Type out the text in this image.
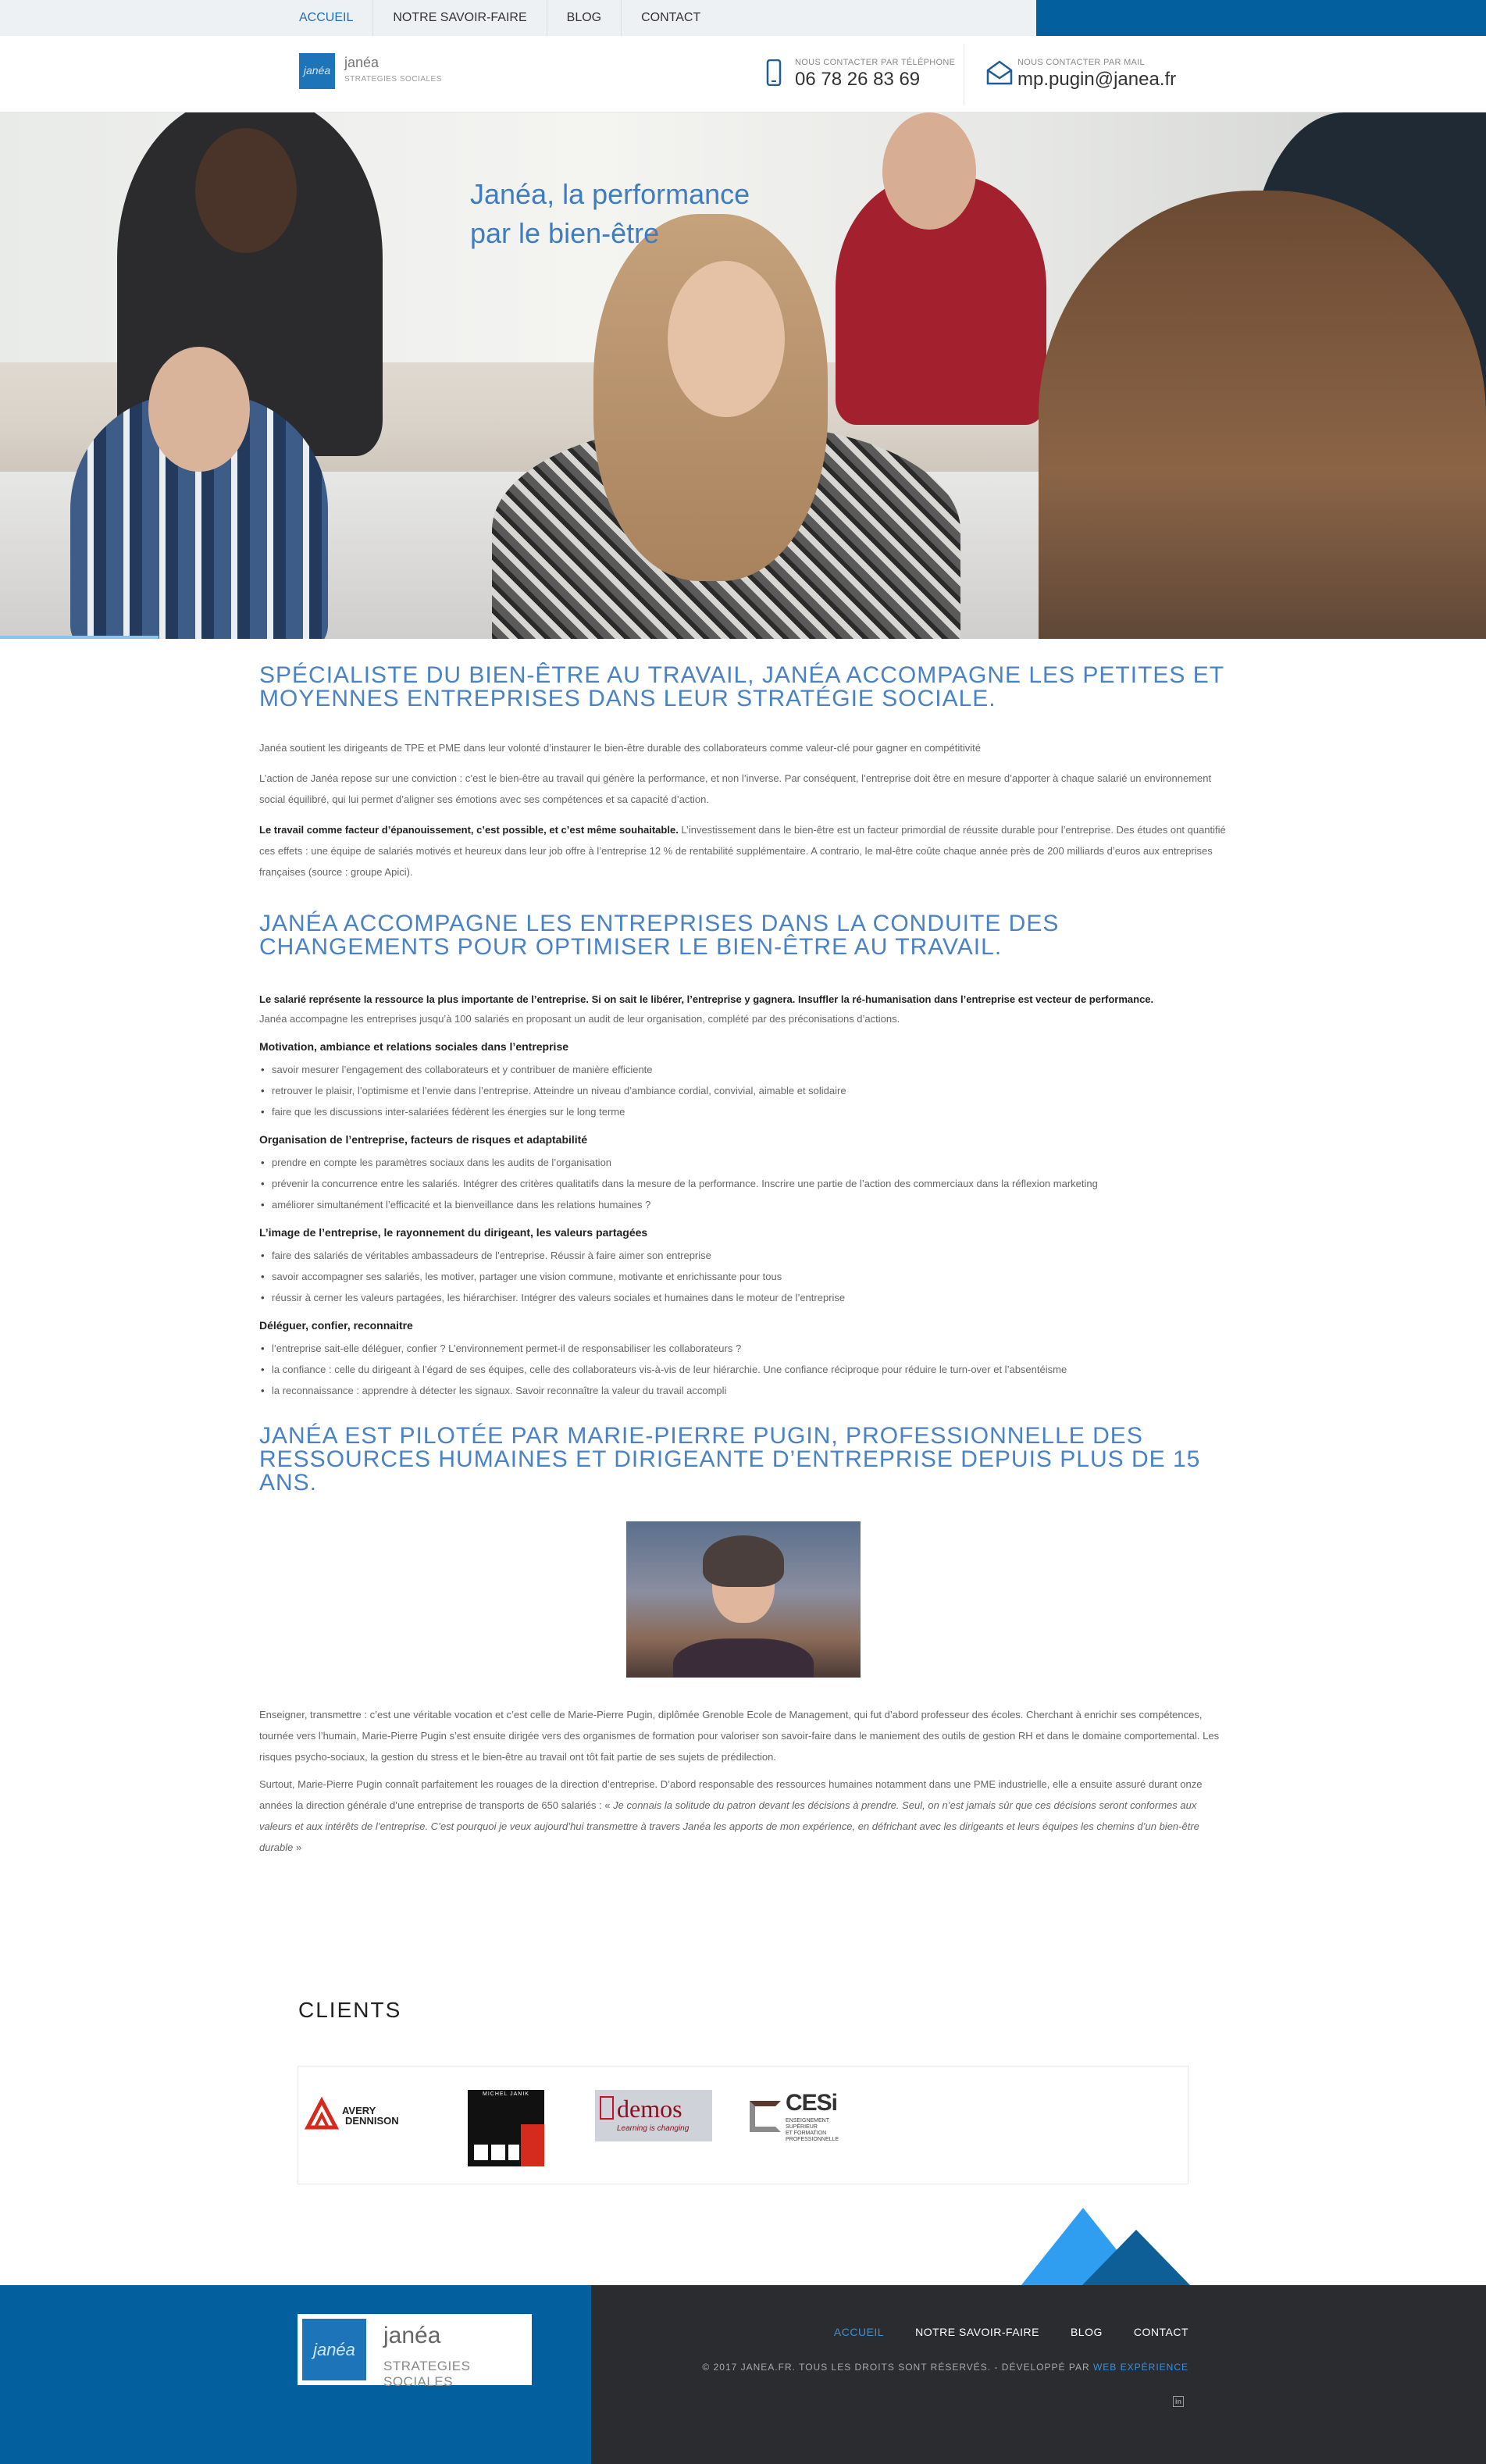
ACCUEIL	NOTRE SAVOIR-FAIRE	BLOG	CONTACT
janéa janéa
STRATEGIES SOCIALES
NOUS CONTACTER PAR TÉLÉPHONE
06 78 26 83 69
NOUS CONTACTER PAR MAIL
mp.pugin@janea.fr
Janéa, la performance
par le bien-être
SPÉCIALISTE DU BIEN-ÊTRE AU TRAVAIL, JANÉA ACCOMPAGNE LES PETITES ET MOYENNES ENTREPRISES DANS LEUR STRATÉGIE SOCIALE.

Janéa soutient les dirigeants de TPE et PME dans leur volonté d’instaurer le bien-être durable des collaborateurs comme valeur-clé pour gagner en compétitivité

L’action de Janéa repose sur une conviction : c’est le bien-être au travail qui génère la performance, et non l’inverse. Par conséquent, l’entreprise doit être en mesure d’apporter à chaque salarié un environnement social équilibré, qui lui permet d’aligner ses émotions avec ses compétences et sa capacité d’action.

Le travail comme facteur d’épanouissement, c’est possible, et c’est même souhaitable. L’investissement dans le bien-être est un facteur primordial de réussite durable pour l’entreprise. Des études ont quantifié ces effets : une équipe de salariés motivés et heureux dans leur job offre à l’entreprise 12 % de rentabilité supplémentaire. A contrario, le mal-être coûte chaque année près de 200 milliards d’euros aux entreprises françaises (source : groupe Apici).

JANÉA ACCOMPAGNE LES ENTREPRISES DANS LA CONDUITE DES CHANGEMENTS POUR OPTIMISER LE BIEN-ÊTRE AU TRAVAIL.

Le salarié représente la ressource la plus importante de l’entreprise. Si on sait le libérer, l’entreprise y gagnera. Insuffler la ré-humanisation dans l’entreprise est vecteur de performance.

Janéa accompagne les entreprises jusqu’à 100 salariés en proposant un audit de leur organisation, complété par des préconisations d’actions.

Motivation, ambiance et relations sociales dans l’entreprise
• savoir mesurer l’engagement des collaborateurs et y contribuer de manière efficiente
• retrouver le plaisir, l’optimisme et l’envie dans l’entreprise. Atteindre un niveau d’ambiance cordial, convivial, aimable et solidaire
• faire que les discussions inter-salariées fédèrent les énergies sur le long terme
Organisation de l’entreprise, facteurs de risques et adaptabilité
• prendre en compte les paramètres sociaux dans les audits de l’organisation
• prévenir la concurrence entre les salariés. Intégrer des critères qualitatifs dans la mesure de la performance. Inscrire une partie de l’action des commerciaux dans la réflexion marketing
• améliorer simultanément l’efficacité et la bienveillance dans les relations humaines ?
L’image de l’entreprise, le rayonnement du dirigeant, les valeurs partagées
• faire des salariés de véritables ambassadeurs de l’entreprise. Réussir à faire aimer son entreprise
• savoir accompagner ses salariés, les motiver, partager une vision commune, motivante et enrichissante pour tous
• réussir à cerner les valeurs partagées, les hiérarchiser. Intégrer des valeurs sociales et humaines dans le moteur de l’entreprise
Déléguer, confier, reconnaitre
• l’entreprise sait-elle déléguer, confier ? L’environnement permet-il de responsabiliser les collaborateurs ?
• la confiance : celle du dirigeant à l’égard de ses équipes, celle des collaborateurs vis-à-vis de leur hiérarchie. Une confiance réciproque pour réduire le turn-over et l’absentéisme
• la reconnaissance : apprendre à détecter les signaux. Savoir reconnaître la valeur du travail accompli
JANÉA EST PILOTÉE PAR MARIE-PIERRE PUGIN, PROFESSIONNELLE DES RESSOURCES HUMAINES ET DIRIGEANTE D’ENTREPRISE DEPUIS PLUS DE 15 ANS.

Enseigner, transmettre : c’est une véritable vocation et c’est celle de Marie-Pierre Pugin, diplômée Grenoble Ecole de Management, qui fut d’abord professeur des écoles. Cherchant à enrichir ses compétences, tournée vers l’humain, Marie-Pierre Pugin s’est ensuite dirigée vers des organismes de formation pour valoriser son savoir-faire dans le maniement des outils de gestion RH et dans le domaine comportemental. Les risques psycho-sociaux, la gestion du stress et le bien-être au travail ont tôt fait partie de ses sujets de prédilection.

Surtout, Marie-Pierre Pugin connaît parfaitement les rouages de la direction d’entreprise. D’abord responsable des ressources humaines notamment dans une PME industrielle, elle a ensuite assuré durant onze années la direction générale d’une entreprise de transports de 650 salariés : « Je connais la solitude du patron devant les décisions à prendre. Seul, on n’est jamais sûr que ces décisions seront conformes aux valeurs et aux intérêts de l’entreprise. C’est pourquoi je veux aujourd’hui transmettre à travers Janéa les apports de mon expérience, en défrichant avec les dirigeants et leurs équipes les chemins d’un bien-être durable »

CLIENTS
AVERY
DENNISON
MICHEL JANIK
demos
Learning is changing
CESi
ENSEIGNEMENT
SUPÉRIEUR
ET FORMATION
PROFESSIONNELLE
janéa
janéa
STRATEGIES SOCIALES
ACCUEIL	NOTRE SAVOIR-FAIRE	BLOG	CONTACT
© 2017 JANEA.FR. TOUS LES DROITS SONT RÉSERVÉS. - DÉVELOPPÉ PAR WEB EXPÉRIENCE
in
